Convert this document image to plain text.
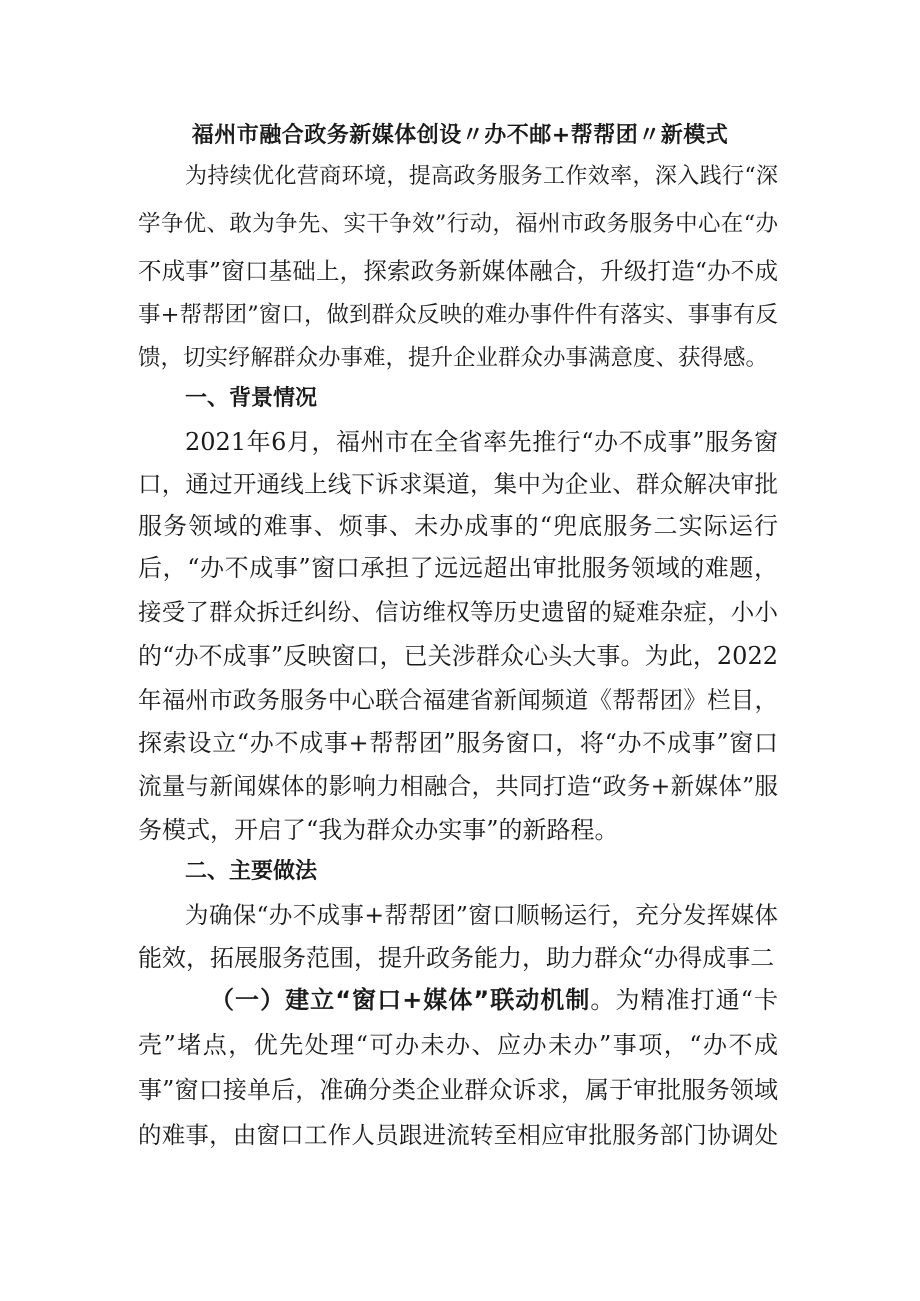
福州市融合政务新媒体创设〃办不邮+帮帮团〃新模式
为持续优化营商环境，提高政务服务工作效率，深入践行“深
学争优、敢为争先、实干争效”行动，福州市政务服务中心在“办
不成事”窗口基础上，探索政务新媒体融合，升级打造“办不成
事+帮帮团”窗口，做到群众反映的难办事件件有落实、事事有反
馈，切实纾解群众办事难，提升企业群众办事满意度、获得感。
一、背景情况
2021年6月，福州市在全省率先推行“办不成事”服务窗
口，通过开通线上线下诉求渠道，集中为企业、群众解决审批
服务领域的难事、烦事、未办成事的“兜底服务二实际运行
后，“办不成事”窗口承担了远远超出审批服务领域的难题，
接受了群众拆迁纠纷、信访维权等历史遗留的疑难杂症，小小
的“办不成事”反映窗口，已关涉群众心头大事。为此，2022
年福州市政务服务中心联合福建省新闻频道《帮帮团》栏目，
探索设立“办不成事+帮帮团”服务窗口，将“办不成事”窗口
流量与新闻媒体的影响力相融合，共同打造“政务+新媒体”服
务模式，开启了“我为群众办实事”的新路程。
二、主要做法
为确保“办不成事+帮帮团”窗口顺畅运行，充分发挥媒体
能效，拓展服务范围，提升政务能力，助力群众“办得成事二
（一）建立“窗口+媒体”联动机制。为精准打通“卡
壳”堵点，优先处理“可办未办、应办未办”事项，“办不成
事”窗口接单后，准确分类企业群众诉求，属于审批服务领域
的难事，由窗口工作人员跟进流转至相应审批服务部门协调处
